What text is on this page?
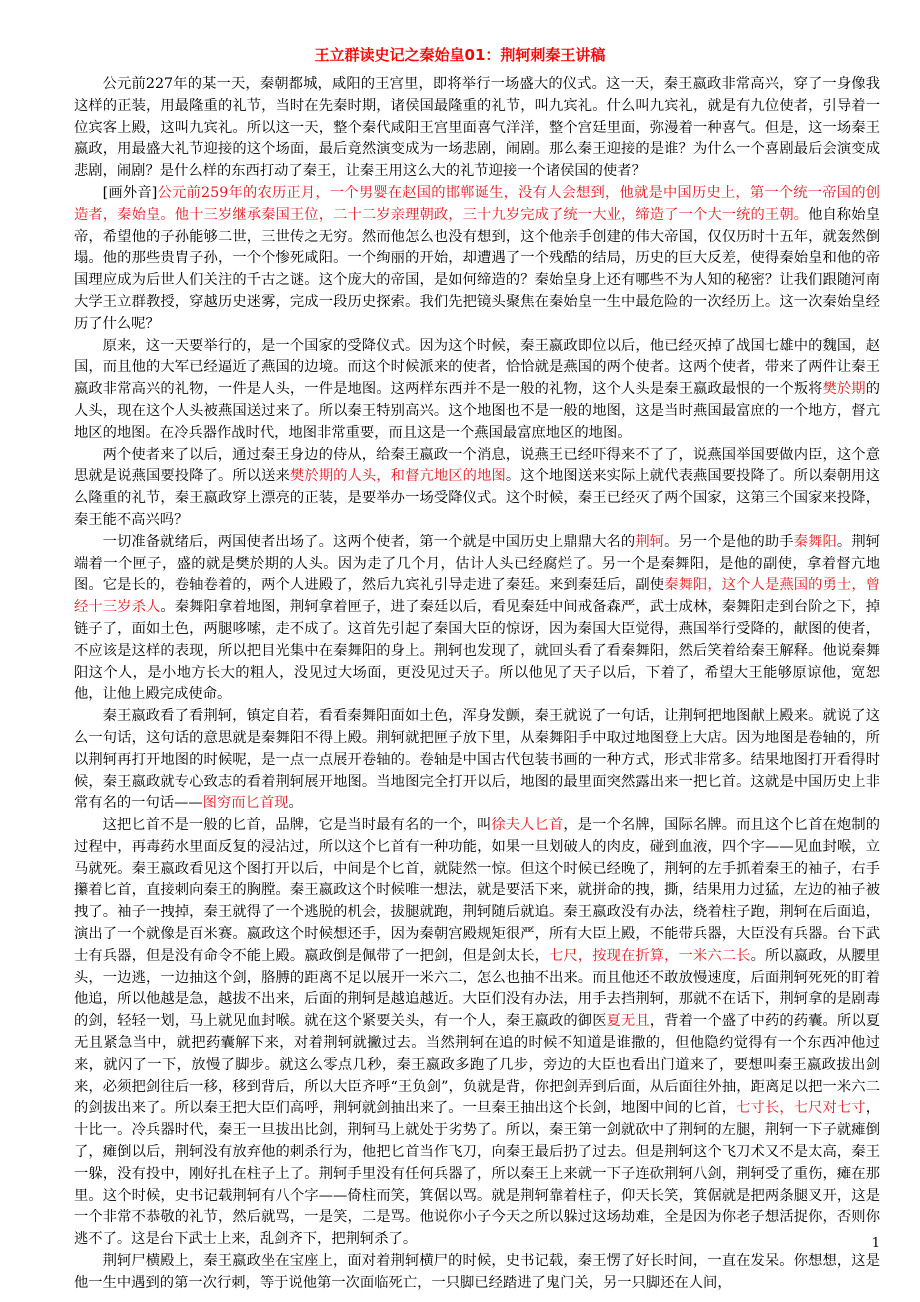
王立群读史记之秦始皇01：荆轲刺秦王讲稿

公元前227年的某一天，秦朝都城，咸阳的王宫里，即将举行一场盛大的仪式。这一天，秦王嬴政非常高兴，穿了一身像我这样的正装，用最隆重的礼节，当时在先秦时期，诸侯国最隆重的礼节，叫九宾礼。什么叫九宾礼，就是有九位使者，引导着一位宾客上殿，这叫九宾礼。所以这一天，整个秦代咸阳王宫里面喜气洋洋，整个宫廷里面，弥漫着一种喜气。但是，这一场秦王嬴政，用最盛大礼节迎接的这个场面，最后竟然演变成为一场悲剧，闹剧。那么秦王迎接的是谁？为什么一个喜剧最后会演变成悲剧，闹剧？是什么样的东西打动了秦王，让秦王用这么大的礼节迎接一个诸侯国的使者？

[画外音]公元前259年的农历正月，一个男婴在赵国的邯郸诞生，没有人会想到，他就是中国历史上，第一个统一帝国的创造者，秦始皇。他十三岁继承秦国王位，二十二岁亲理朝政，三十九岁完成了统一大业，缔造了一个大一统的王朝。他自称始皇帝，希望他的子孙能够二世，三世传之无穷。然而他怎么也没有想到，这个他亲手创建的伟大帝国，仅仅历时十五年，就轰然倒塌。他的那些贵胄子孙，一个个惨死咸阳。一个绚丽的开始，却遭遇了一个残酷的结局，历史的巨大反差，使得秦始皇和他的帝国理应成为后世人们关注的千古之谜。这个庞大的帝国，是如何缔造的？秦始皇身上还有哪些不为人知的秘密？让我们跟随河南大学王立群教授，穿越历史迷雾，完成一段历史探索。我们先把镜头聚焦在秦始皇一生中最危险的一次经历上。这一次秦始皇经历了什么呢？

原来，这一天要举行的，是一个国家的受降仪式。因为这个时候，秦王嬴政即位以后，他已经灭掉了战国七雄中的魏国，赵国，而且他的大军已经逼近了燕国的边境。而这个时候派来的使者，恰恰就是燕国的两个使者。这两个使者，带来了两件让秦王嬴政非常高兴的礼物，一件是人头，一件是地图。这两样东西并不是一般的礼物，这个人头是秦王嬴政最恨的一个叛将樊於期的人头，现在这个人头被燕国送过来了。所以秦王特别高兴。这个地图也不是一般的地图，这是当时燕国最富庶的一个地方，督亢地区的地图。在冷兵器作战时代，地图非常重要，而且这是一个燕国最富庶地区的地图。

两个使者来了以后，通过秦王身边的侍从，给秦王嬴政一个消息，说燕王已经吓得来不了了，说燕国举国要做内臣，这个意思就是说燕国要投降了。所以送来樊於期的人头，和督亢地区的地图。这个地图送来实际上就代表燕国要投降了。所以秦朝用这么隆重的礼节，秦王嬴政穿上漂亮的正装，是要举办一场受降仪式。这个时候，秦王已经灭了两个国家，这第三个国家来投降，秦王能不高兴吗？

一切准备就绪后，两国使者出场了。这两个使者，第一个就是中国历史上鼎鼎大名的荆轲。另一个是他的助手秦舞阳。荆轲端着一个匣子，盛的就是樊於期的人头。因为走了几个月，估计人头已经腐烂了。另一个是秦舞阳，是他的副使，拿着督亢地图。它是长的，卷轴卷着的，两个人进殿了，然后九宾礼引导走进了秦廷。来到秦廷后，副使秦舞阳，这个人是燕国的勇士，曾经十三岁杀人。秦舞阳拿着地图，荆轲拿着匣子，进了秦廷以后，看见秦廷中间戒备森严，武士成林，秦舞阳走到台阶之下，掉链子了，面如土色，两腿哆嗦，走不成了。这首先引起了秦国大臣的惊讶，因为秦国大臣觉得，燕国举行受降的，献图的使者，不应该是这样的表现，所以把目光集中在秦舞阳的身上。荆轲也发现了，就回头看了看秦舞阳，然后笑着给秦王解释。他说秦舞阳这个人，是小地方长大的粗人，没见过大场面，更没见过天子。所以他见了天子以后，下着了，希望大王能够原谅他，宽恕他，让他上殿完成使命。

秦王嬴政看了看荆轲，镇定自若，看看秦舞阳面如土色，浑身发颤，秦王就说了一句话，让荆轲把地图献上殿来。就说了这么一句话，这句话的意思就是秦舞阳不得上殿。荆轲就把匣子放下里，从秦舞阳手中取过地图登上大店。因为地图是卷轴的，所以荆轲再打开地图的时候呢，是一点一点展开卷轴的。卷轴是中国古代包装书画的一种方式，形式非常多。结果地图打开看得时候，秦王嬴政就专心致志的看着荆轲展开地图。当地图完全打开以后，地图的最里面突然露出来一把匕首。这就是中国历史上非常有名的一句话——图穷而匕首现。

这把匕首不是一般的匕首，品牌，它是当时最有名的一个，叫徐夫人匕首，是一个名牌，国际名牌。而且这个匕首在炮制的过程中，再毒药水里面反复的浸沾过，所以这个匕首有一种功能，如果一旦划破人的肉皮，碰到血液，四个字——见血封喉，立马就死。秦王嬴政看见这个图打开以后，中间是个匕首，就陡然一惊。但这个时候已经晚了，荆轲的左手抓着秦王的袖子，右手攥着匕首，直接刺向秦王的胸膛。秦王嬴政这个时候唯一想法，就是要活下来，就拼命的拽，撕，结果用力过猛，左边的袖子被拽了。袖子一拽掉，秦王就得了一个逃脱的机会，拔腿就跑，荆轲随后就追。秦王嬴政没有办法，绕着柱子跑，荆轲在后面追，演出了一个就像是百米赛。嬴政这个时候想还手，因为秦朝宫殿规矩很严，所有大臣上殿，不能带兵器，大臣没有兵器。台下武士有兵器，但是没有命令不能上殿。嬴政倒是佩带了一把剑，但是剑太长，七尺，按现在折算，一米六二长。所以嬴政，从腰里头，一边逃，一边抽这个剑，胳膊的距离不足以展开一米六二，怎么也抽不出来。而且他还不敢放慢速度，后面荆轲死死的盯着他追，所以他越是急，越拔不出来，后面的荆轲是越追越近。大臣们没有办法，用手去挡荆轲，那就不在话下，荆轲拿的是剧毒的剑，轻轻一划，马上就见血封喉。就在这个紧要关头，有一个人，秦王嬴政的御医夏无且，背着一个盛了中药的药囊。所以夏无且紧急当中，就把药囊解下来，对着荆轲就撇过去。当然荆轲在追的时候不知道是谁撒的，但他隐约觉得有一个东西冲他过来，就闪了一下，放慢了脚步。就这么零点几秒，秦王嬴政多跑了几步，旁边的大臣也看出门道来了，要想叫秦王嬴政拔出剑来，必须把剑往后一移，移到背后，所以大臣齐呼“王负剑”，负就是背，你把剑弄到后面，从后面往外抽，距离足以把一米六二的剑拔出来了。所以秦王把大臣们高呼，荆轲就剑抽出来了。一旦秦王抽出这个长剑，地图中间的匕首，七寸长，七尺对七寸，十比一。冷兵器时代，秦王一旦拔出比剑，荆轲马上就处于劣势了。所以，秦王第一剑就砍中了荆轲的左腿，荆轲一下子就瘫倒了，瘫倒以后，荆轲没有放弃他的刺杀行为，他把匕首当作飞刀，向秦王最后扔了过去。但是荆轲这个飞刀术又不是太高，秦王一躲，没有投中，刚好扎在柱子上了。荆轲手里没有任何兵器了，所以秦王上来就一下子连砍荆轲八剑，荆轲受了重伤，瘫在那里。这个时候，史书记载荆轲有八个字——倚柱而笑，箕倨以骂。就是荆轲靠着柱子，仰天长笑，箕倨就是把两条腿叉开，这是一个非常不恭敬的礼节，然后就骂，一是笑，二是骂。他说你小子今天之所以躲过这场劫难，全是因为你老子想活捉你，否则你逃不了。这是台下武士上来，乱剑齐下，把荆轲杀了。

荆轲尸横殿上，秦王嬴政坐在宝座上，面对着荆轲横尸的时候，史书记载，秦王愣了好长时间，一直在发呆。你想想，这是他一生中遇到的第一次行刺，等于说他第一次面临死亡，一只脚已经踏进了鬼门关，另一只脚还在人间，

1
